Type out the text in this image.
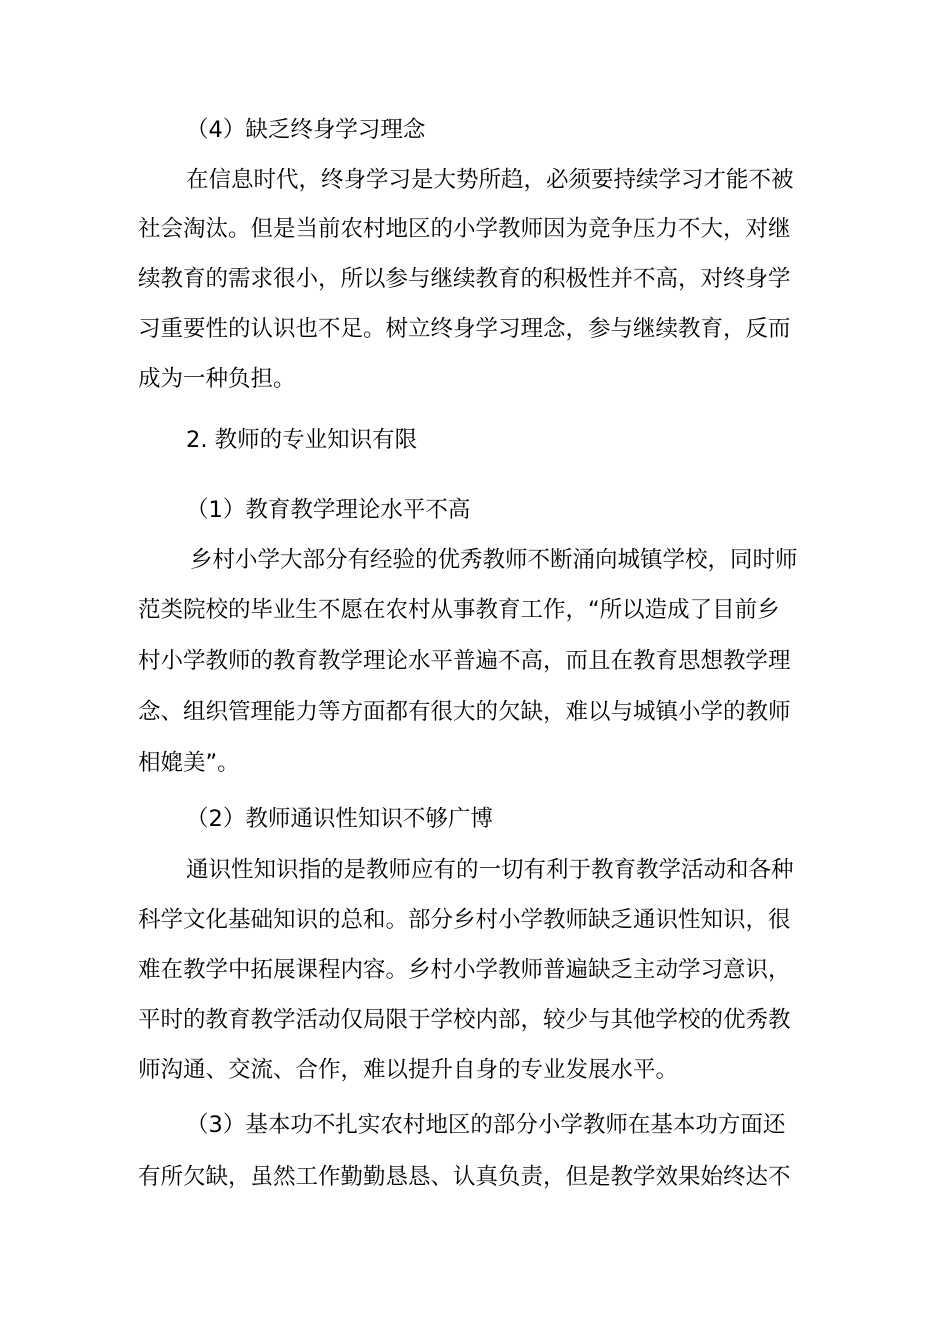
（4）缺乏终身学习理念
在信息时代，终身学习是大势所趋，必须要持续学习才能不被
社会淘汰。但是当前农村地区的小学教师因为竞争压力不大，对继
续教育的需求很小，所以参与继续教育的积极性并不高，对终身学
习重要性的认识也不足。树立终身学习理念，参与继续教育，反而
成为一种负担。
2. 教师的专业知识有限
（1）教育教学理论水平不高
乡村小学大部分有经验的优秀教师不断涌向城镇学校，同时师
范类院校的毕业生不愿在农村从事教育工作，“所以造成了目前乡
村小学教师的教育教学理论水平普遍不高，而且在教育思想教学理
念、组织管理能力等方面都有很大的欠缺，难以与城镇小学的教师
相媲美”。
（2）教师通识性知识不够广博
通识性知识指的是教师应有的一切有利于教育教学活动和各种
科学文化基础知识的总和。部分乡村小学教师缺乏通识性知识，很
难在教学中拓展课程内容。乡村小学教师普遍缺乏主动学习意识，
平时的教育教学活动仅局限于学校内部，较少与其他学校的优秀教
师沟通、交流、合作，难以提升自身的专业发展水平。
（3）基本功不扎实农村地区的部分小学教师在基本功方面还
有所欠缺，虽然工作勤勤恳恳、认真负责，但是教学效果始终达不
